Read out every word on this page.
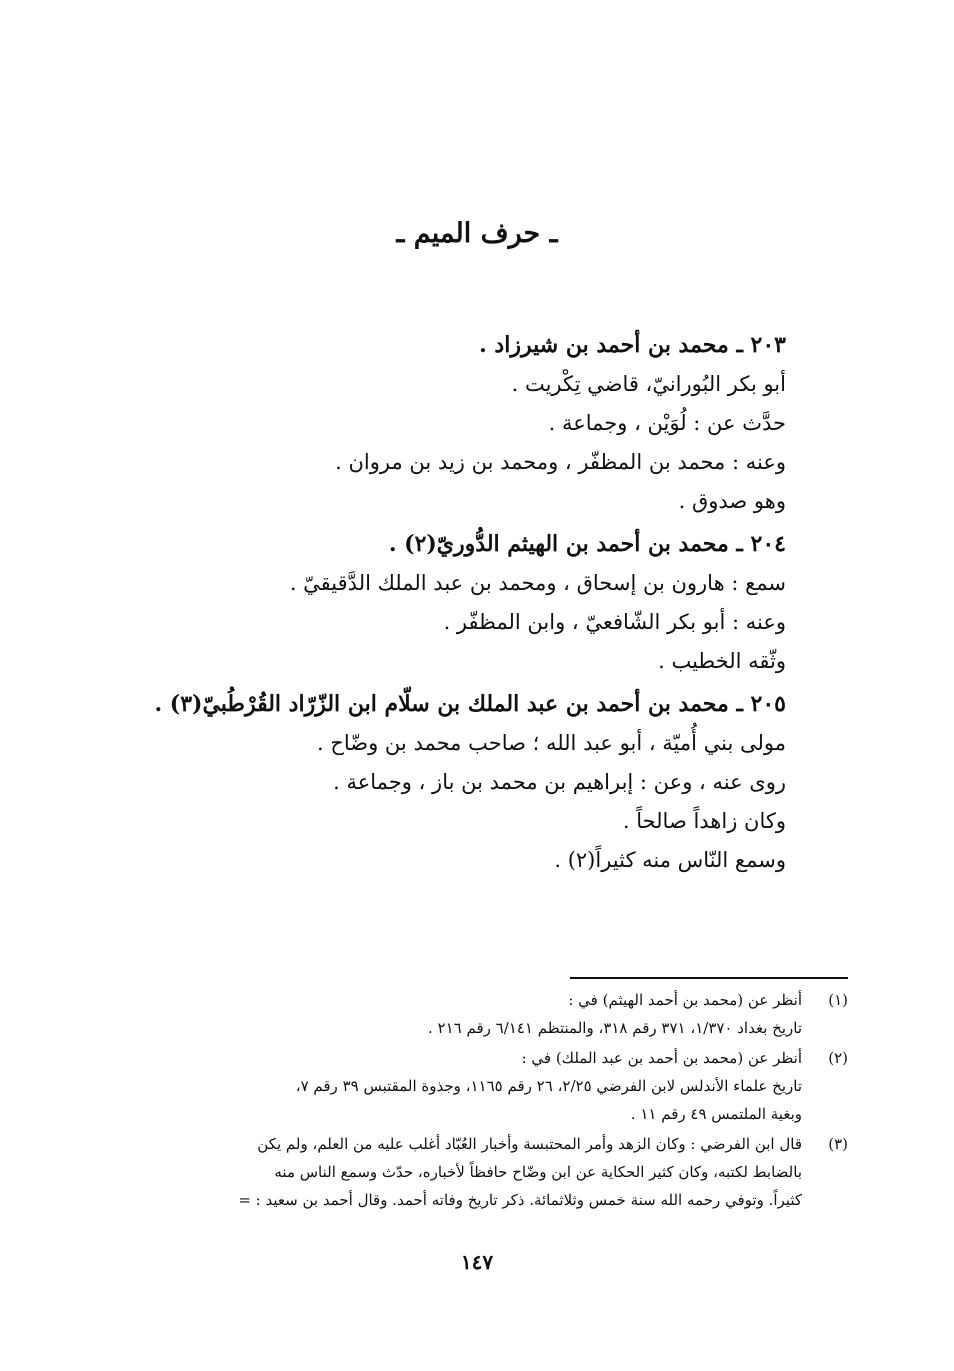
ـ حرف الميم ـ
٢٠٣ ـ محمد بن أحمد بن شيرزاد .
أبو بكر البُورانيّ، قاضي تِكْريت .
حدَّث عن : لُوَيْن ، وجماعة .
وعنه : محمد بن المظفّر ، ومحمد بن زيد بن مروان .
وهو صدوق .
٢٠٤ ـ محمد بن أحمد بن الهيثم الدُّوريّ(٢) .
سمع : هارون بن إسحاق ، ومحمد بن عبد الملك الدَّقيقيّ .
وعنه : أبو بكر الشّافعيّ ، وابن المظفّر .
وثّقه الخطيب .
٢٠٥ ـ محمد بن أحمد بن عبد الملك بن سلّام ابن الزّرّاد القُرْطُبيّ(٣) .
مولى بني أُميّة ، أبو عبد الله ؛ صاحب محمد بن وضّاح .
روى عنه ، وعن : إبراهيم بن محمد بن باز ، وجماعة .
وكان زاهداً صالحاً .
وسمع النّاس منه كثيراً(٢) .
(١)
أنظر عن (محمد بن أحمد الهيثم) في :
تاريخ بغداد ١/٣٧٠، ٣٧١ رقم ٣١٨، والمنتظم ٦/١٤١ رقم ٢١٦ .
(٢)
أنظر عن (محمد بن أحمد بن عبد الملك) في :
تاريخ علماء الأندلس لابن الفرضي ٢/٢٥، ٢٦ رقم ١١٦٥، وجذوة المقتبس ٣٩ رقم ٧،
وبغية الملتمس ٤٩ رقم ١١ .
(٣)
قال ابن الفرضي : وكان الزهد وأمر المحتبسة وأخبار العُبّاد أغلب عليه من العلم، ولم يكن
بالضابط لكتبه، وكان كثير الحكاية عن ابن وضّاح حافظاً لأخباره، حدّث وسمع الناس منه
كثيراً. وتوفي رحمه الله سنة خمس وثلاثمائة. ذكر تاريخ وفاته أحمد. وقال أحمد بن سعيد : =
١٤٧
